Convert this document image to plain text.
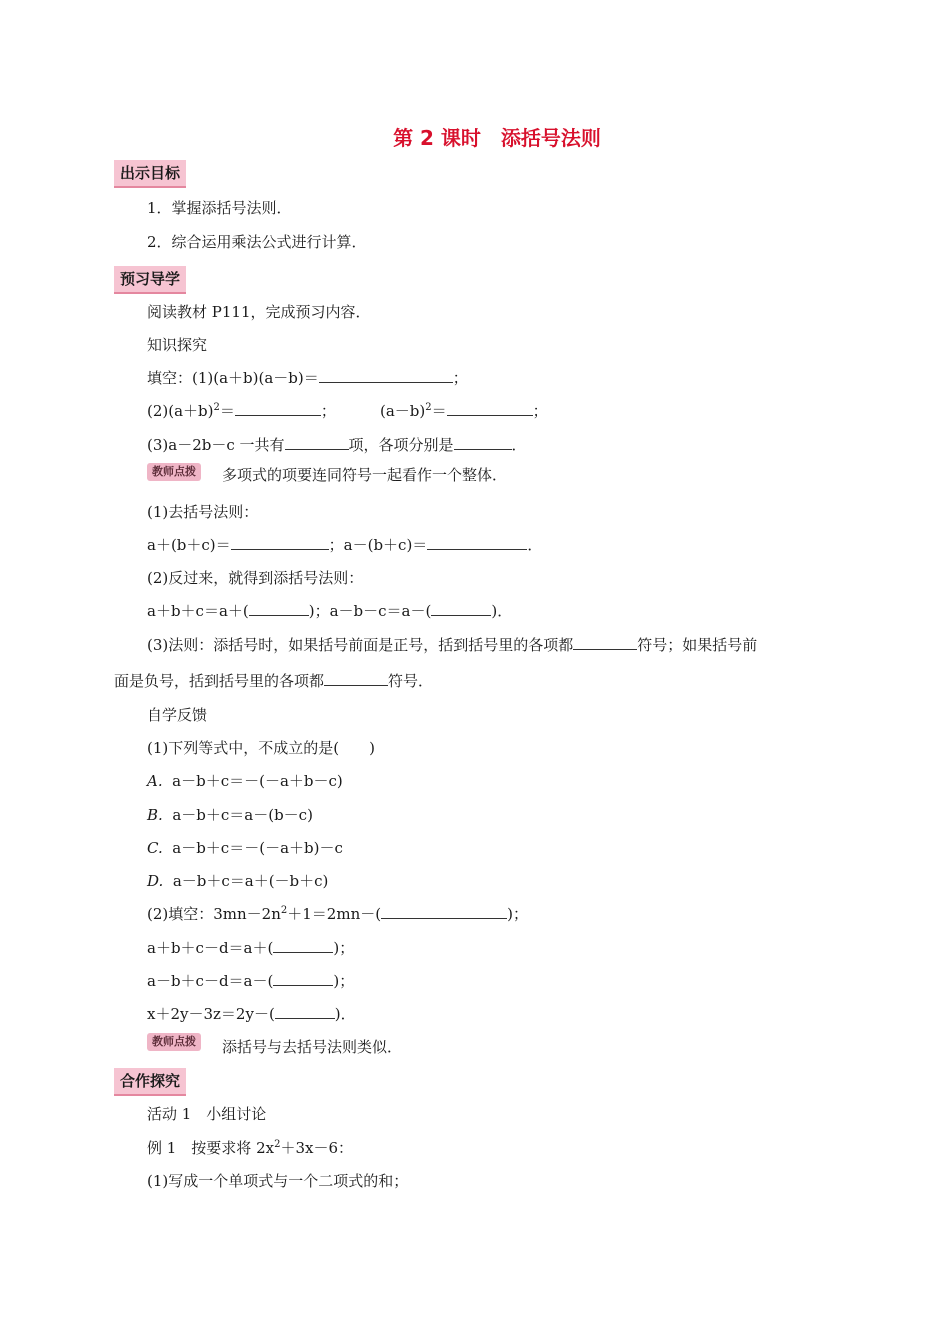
第 2 课时　添括号法则
出示目标
1．掌握添括号法则．
2．综合运用乘法公式进行计算．
预习导学
阅读教材 P111，完成预习内容．
知识探究
填空：(1)(a＋b)(a－b)＝	；
$(2)(a+b)^2=$	；	$(a-b)^2=$	；
(3)a－2b－c 一共有	项，各项分别是	．
教师点拨	多项式的项要连同符号一起看作一个整体．
(1)去括号法则：
a＋(b＋c)＝	；a－(b＋c)＝	．
(2)反过来，就得到添括号法则：
a＋b＋c＝a＋(	)；a－b－c＝a－(	)．
(3)法则：添括号时，如果括号前面是正号，括到括号里的各项都	符号；如果括号前
面是负号，括到括号里的各项都	符号．
自学反馈
(1)下列等式中，不成立的是(　　)
A. a－b＋c＝－(－a＋b－c)
B. a－b＋c＝a－(b－c)
C. a－b＋c＝－(－a＋b)－c
D. a－b＋c＝a＋(－b＋c)
(2)填空：$3mn-2n^2+1=2mn-$(	)；
a＋b＋c－d＝a＋(	)；
a－b＋c－d＝a－(	)；
x＋2y－3z＝2y－(	)．
教师点拨	添括号与去括号法则类似．
合作探究
活动 1　小组讨论
例 1　按要求将 $2x^2+3x-6$：
(1)写成一个单项式与一个二项式的和；
